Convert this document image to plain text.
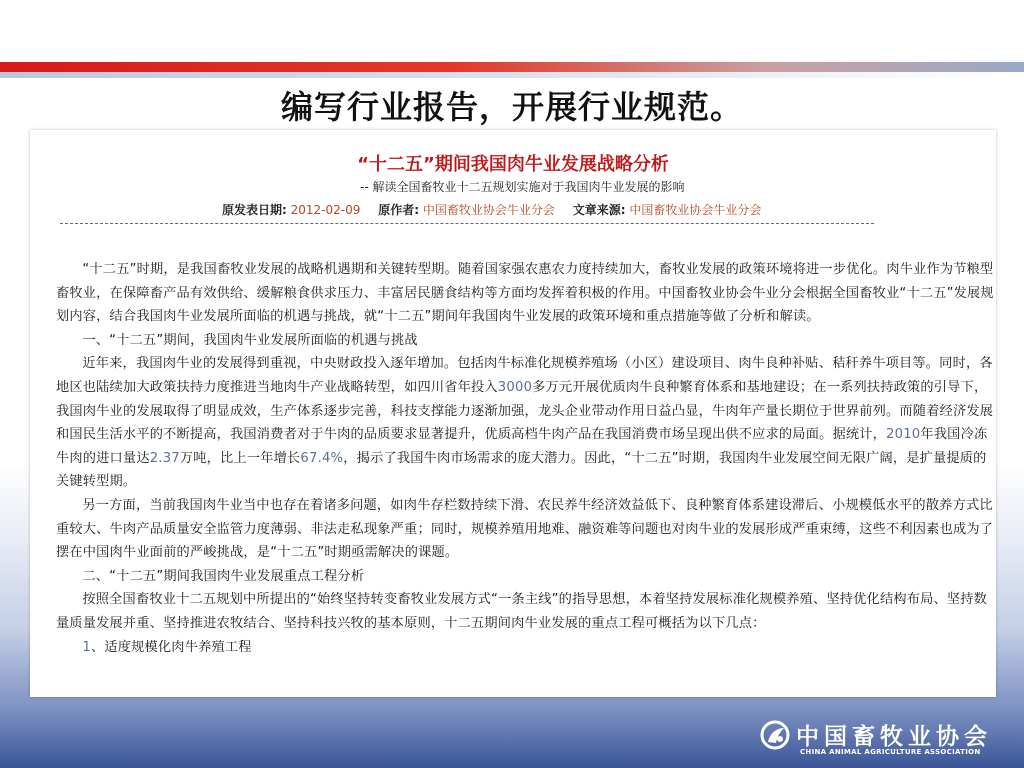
编写行业报告，开展行业规范。
“十二五”期间我国肉牛业发展战略分析
-- 解读全国畜牧业十二五规划实施对于我国肉牛业发展的影响
原发表日期: 2012-02-09 原作者: 中国畜牧业协会牛业分会 文章来源: 中国畜牧业协会牛业分会

“十二五”时期，是我国畜牧业发展的战略机遇期和关键转型期。随着国家强农惠农力度持续加大，畜牧业发展的政策环境将进一步优化。肉牛业作为节粮型畜牧业，在保障畜产品有效供给、缓解粮食供求压力、丰富居民膳食结构等方面均发挥着积极的作用。中国畜牧业协会牛业分会根据全国畜牧业“十二五”发展规划内容，结合我国肉牛业发展所面临的机遇与挑战，就“十二五”期间年我国肉牛业发展的政策环境和重点措施等做了分析和解读。

一、“十二五”期间，我国肉牛业发展所面临的机遇与挑战

近年来，我国肉牛业的发展得到重视，中央财政投入逐年增加。包括肉牛标准化规模养殖场（小区）建设项目、肉牛良种补贴、秸秆养牛项目等。同时，各地区也陆续加大政策扶持力度推进当地肉牛产业战略转型，如四川省年投入3000多万元开展优质肉牛良种繁育体系和基地建设；在一系列扶持政策的引导下，我国肉牛业的发展取得了明显成效，生产体系逐步完善，科技支撑能力逐渐加强，龙头企业带动作用日益凸显，牛肉年产量长期位于世界前列。而随着经济发展和国民生活水平的不断提高，我国消费者对于牛肉的品质要求显著提升，优质高档牛肉产品在我国消费市场呈现出供不应求的局面。据统计，2010年我国冷冻牛肉的进口量达2.37万吨，比上一年增长67.4%，揭示了我国牛肉市场需求的庞大潜力。因此，“十二五”时期，我国肉牛业发展空间无限广阔，是扩量提质的关键转型期。

另一方面，当前我国肉牛业当中也存在着诸多问题，如肉牛存栏数持续下滑、农民养牛经济效益低下、良种繁育体系建设滞后、小规模低水平的散养方式比重较大、牛肉产品质量安全监管力度薄弱、非法走私现象严重；同时，规模养殖用地难、融资难等问题也对肉牛业的发展形成严重束缚，这些不利因素也成为了摆在中国肉牛业面前的严峻挑战，是“十二五”时期亟需解决的课题。

二、“十二五”期间我国肉牛业发展重点工程分析

按照全国畜牧业十二五规划中所提出的“始终坚持转变畜牧业发展方式“一条主线”的指导思想，本着坚持发展标准化规模养殖、坚持优化结构布局、坚持数量质量发展并重、坚持推进农牧结合、坚持科技兴牧的基本原则，十二五期间肉牛业发展的重点工程可概括为以下几点：

1、适度规模化肉牛养殖工程

中国畜牧业协会
CHINA ANIMAL AGRICULTURE ASSOCIATION
